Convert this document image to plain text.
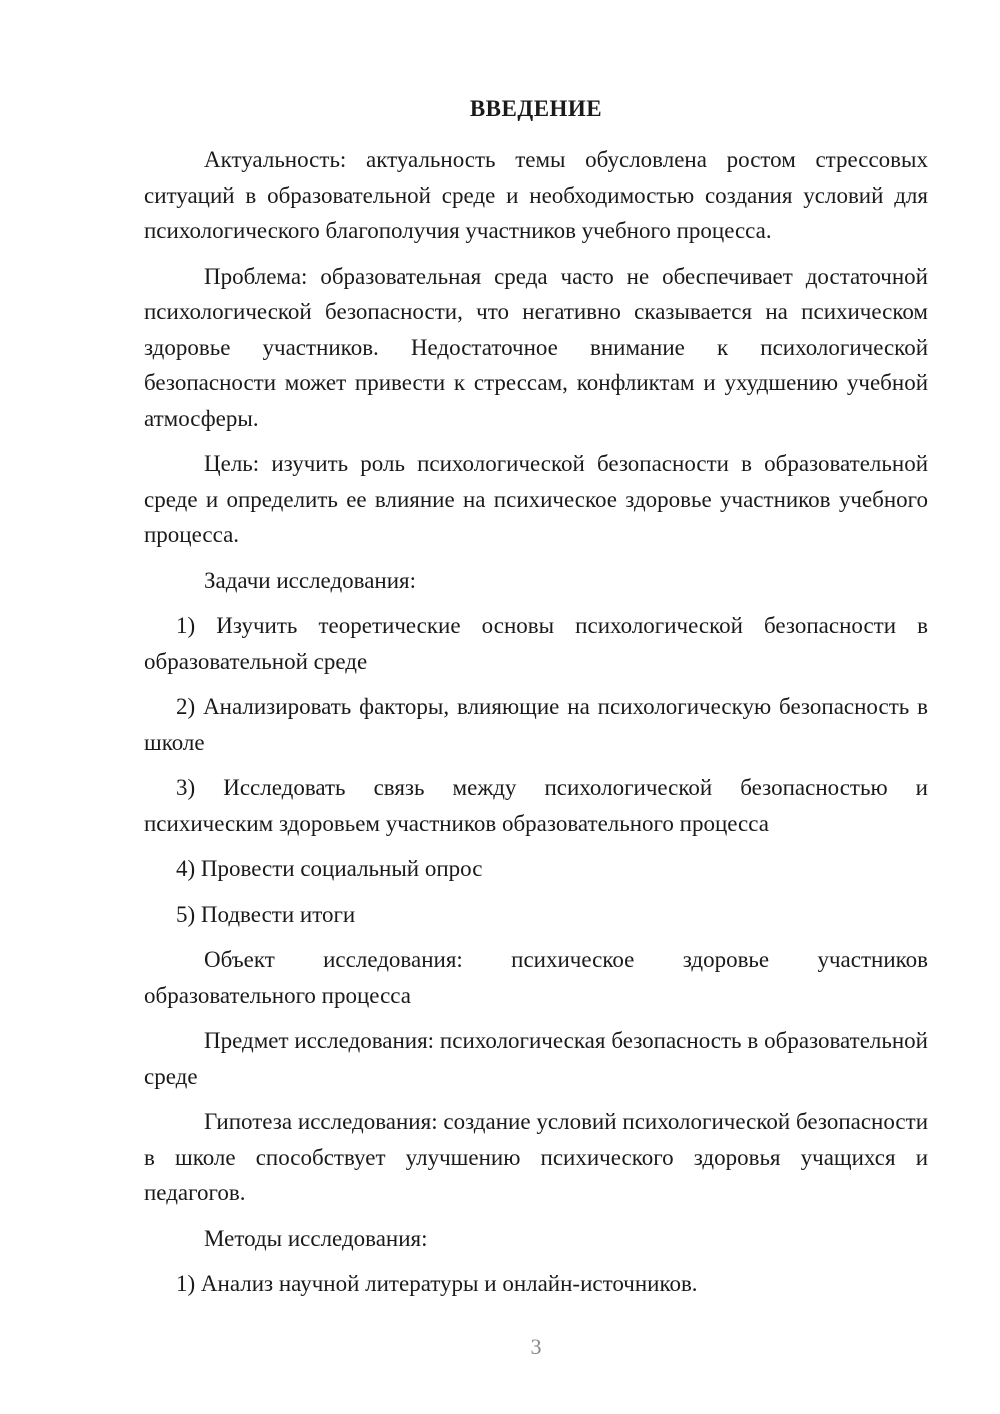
ВВЕДЕНИЕ

Актуальность: актуальность темы обусловлена ростом стрессовых ситуаций в образовательной среде и необходимостью создания условий для психологического благополучия участников учебного процесса.

Проблема: образовательная среда часто не обеспечивает достаточной психологической безопасности, что негативно сказывается на психическом здоровье участников. Недостаточное внимание к психологической безопасности может привести к стрессам, конфликтам и ухудшению учебной атмосферы.

Цель: изучить роль психологической безопасности в образовательной среде и определить ее влияние на психическое здоровье участников учебного процесса.

Задачи исследования:

1) Изучить теоретические основы психологической безопасности в образовательной среде

2) Анализировать факторы, влияющие на психологическую безопасность в школе

3) Исследовать связь между психологической безопасностью и психическим здоровьем участников образовательного процесса

4) Провести социальный опрос

5) Подвести итоги

Объект исследования: психическое здоровье участников образовательного процесса

Предмет исследования: психологическая безопасность в образовательной среде

Гипотеза исследования: создание условий психологической безопасности в школе способствует улучшению психического здоровья учащихся и педагогов.

Методы исследования:

1) Анализ научной литературы и онлайн-источников.

3
